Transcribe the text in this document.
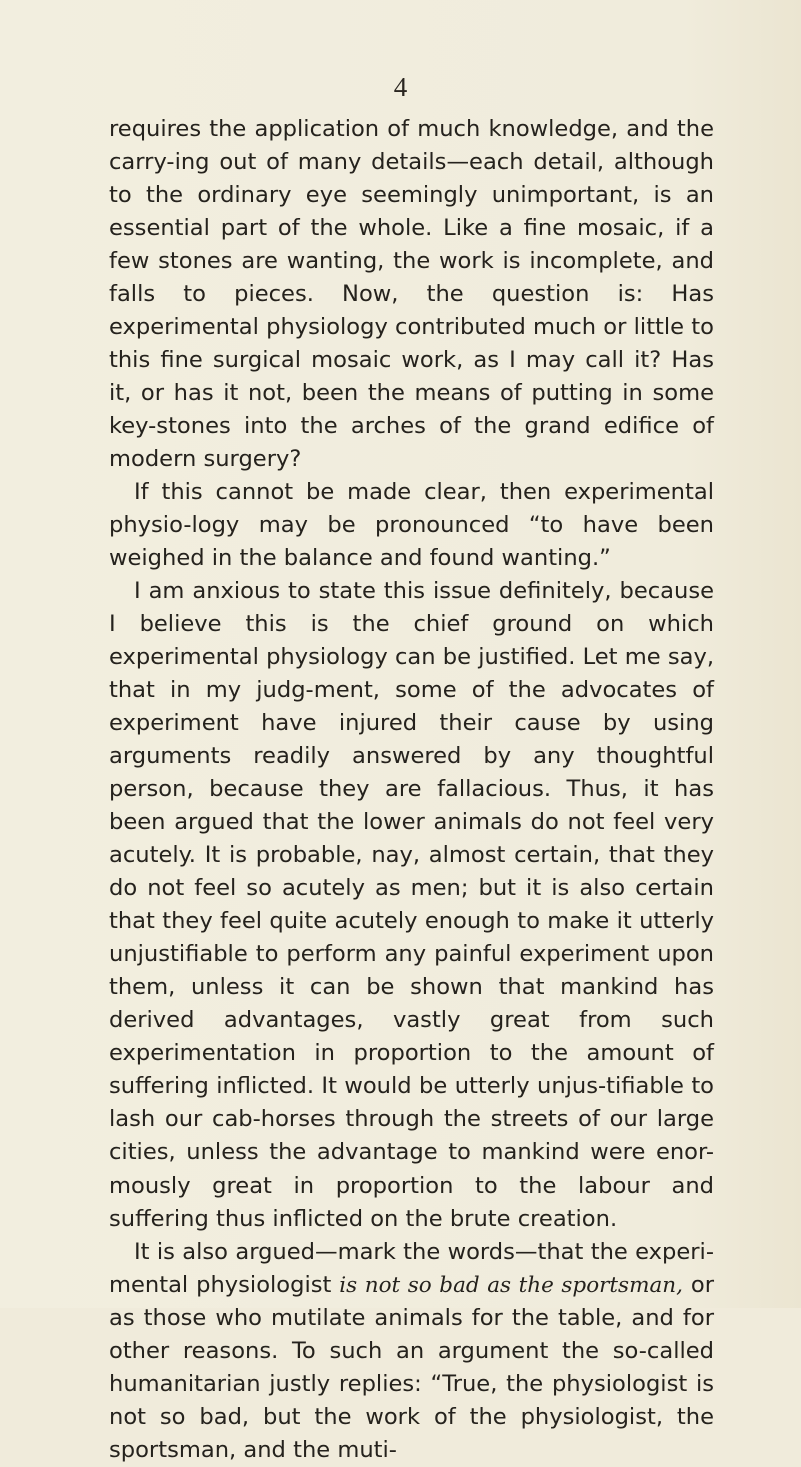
4

requires the application of much knowledge, and the carry-ing out of many details—each detail, although to the ordinary eye seemingly unimportant, is an essential part of the whole. Like a fine mosaic, if a few stones are wanting, the work is incomplete, and falls to pieces. Now, the question is: Has experimental physiology contributed much or little to this fine surgical mosaic work, as I may call it? Has it, or has it not, been the means of putting in some key-stones into the arches of the grand edifice of modern surgery?

If this cannot be made clear, then experimental physio-logy may be pronounced “to have been weighed in the balance and found wanting.”

I am anxious to state this issue definitely, because I believe this is the chief ground on which experimental physiology can be justified. Let me say, that in my judg-ment, some of the advocates of experiment have injured their cause by using arguments readily answered by any thoughtful person, because they are fallacious. Thus, it has been argued that the lower animals do not feel very acutely. It is probable, nay, almost certain, that they do not feel so acutely as men; but it is also certain that they feel quite acutely enough to make it utterly unjustifiable to perform any painful experiment upon them, unless it can be shown that mankind has derived advantages, vastly great from such experimentation in proportion to the amount of suffering inflicted. It would be utterly unjus-tifiable to lash our cab-horses through the streets of our large cities, unless the advantage to mankind were enor-mously great in proportion to the labour and suffering thus inflicted on the brute creation.

It is also argued—mark the words—that the experi-mental physiologist is not so bad as the sportsman, or as those who mutilate animals for the table, and for other reasons. To such an argument the so-called humanitarian justly replies: “True, the physiologist is not so bad, but the work of the physiologist, the sportsman, and the muti-
